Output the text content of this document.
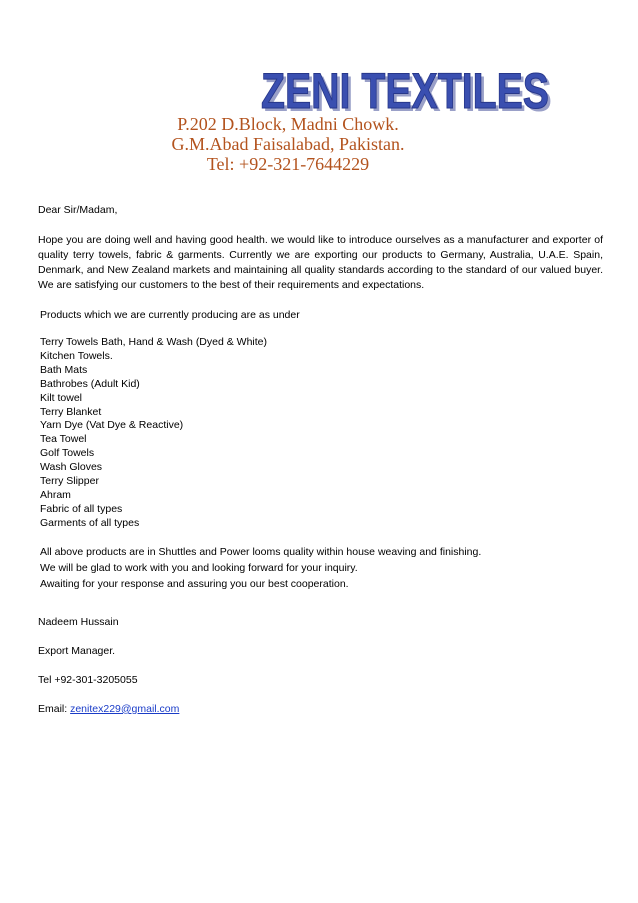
ZENI TEXTILES
ZENI TEXTILES
P.202 D.Block, Madni Chowk.
G.M.Abad Faisalabad, Pakistan.
Tel: +92-321-7644229

Dear Sir/Madam,

Hope you are doing well and having good health. we would like to introduce ourselves as a manufacturer and exporter of quality terry towels, fabric & garments. Currently we are exporting our products to Germany, Australia, U.A.E. Spain, Denmark, and New Zealand markets and maintaining all quality standards according to the standard of our valued buyer. We are satisfying our customers to the best of their requirements and expectations.

Products which we are currently producing are as under

Terry Towels Bath, Hand & Wash (Dyed & White)
Kitchen Towels.
Bath Mats
Bathrobes (Adult Kid)
Kilt towel
Terry Blanket
Yarn Dye (Vat Dye & Reactive)
Tea Towel
Golf Towels
Wash Gloves
Terry Slipper
Ahram
Fabric of all types
Garments of all types
All above products are in Shuttles and Power looms quality within house weaving and finishing.
We will be glad to work with you and looking forward for your inquiry.
Awaiting for your response and assuring you our best cooperation.
Nadeem Hussain
Export Manager.
Tel +92-301-3205055
Email: zenitex229@gmail.com
